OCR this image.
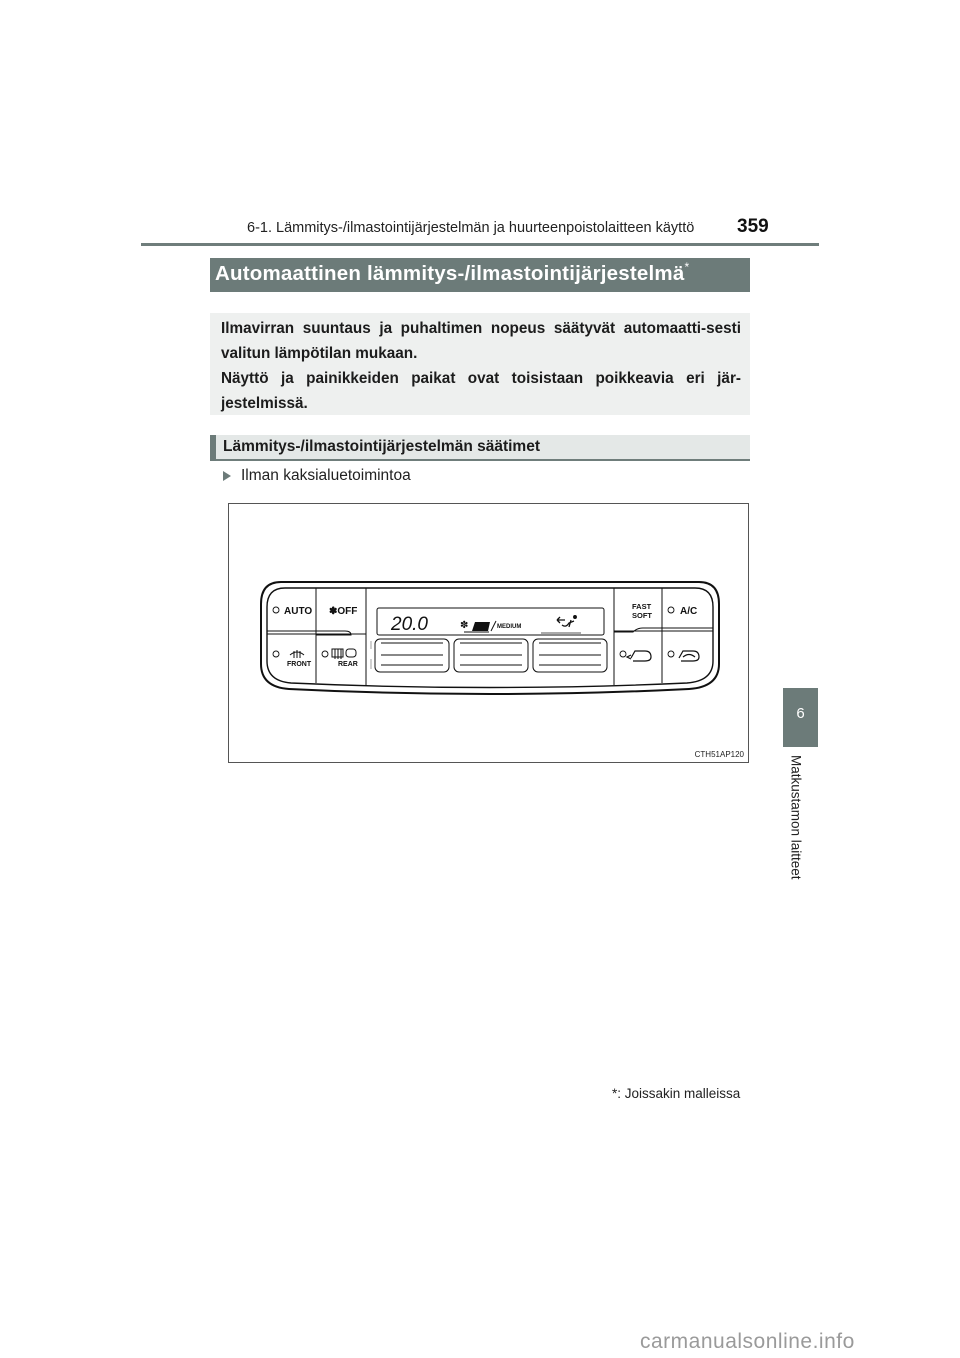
6-1. Lämmitys-/ilmastointijärjestelmän ja huurteenpoistolaitteen käyttö 359
Automaattinen lämmitys-/ilmastointijärjestelmä*
Ilmavirran suuntaus ja puhaltimen nopeus säätyvät automaatti-sesti valitun lämpötilan mukaan.
Näyttö ja painikkeiden paikat ovat toisistaan poikkeavia eri jär-jestelmissä.
Lämmitys-/ilmastointijärjestelmän säätimet
Ilman kaksialuetoimintoa
AUTO ✽OFF
FRONT	REAR
FAST
SOFT	A/C
20.0	✽	MEDIUM
CTH51AP120
6
Matkustamon laitteet
*: Joissakin malleissa
carmanualsonline.info
